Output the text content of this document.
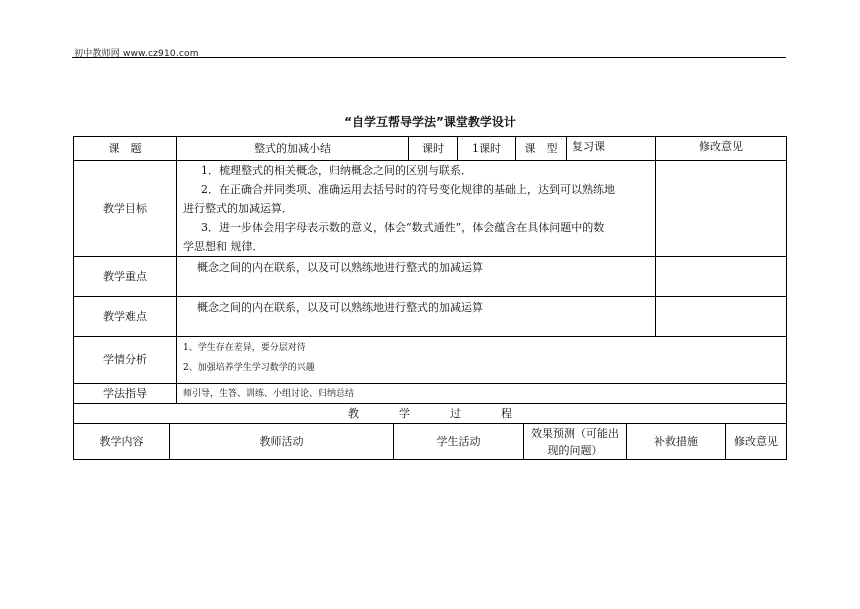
初中教师网 www.cz910.com
“自学互帮导学法”课堂教学设计
课　题	整式的加减小结	课时	1课时	课　型	复习课	修改意见
教学目标	1．梳理整式的相关概念，归纳概念之间的区别与联系．

2．在正确合并同类项、准确运用去括号时的符号变化规律的基础上，达到可以熟练地

进行整式的加减运算．

3．进一步体会用字母表示数的意义，体会“数式通性”，体会蕴含在具体问题中的数

学思想和 规律．					

教学重点	概念之间的内在联系，以及可以熟练地进行整式的加减运算					
教学难点	概念之间的内在联系，以及可以熟练地进行整式的加减运算					
学情分析	1、学生存在差异，要分层对待
2、加强培养学生学习数学的兴趣					

学法指导	师引导，生答、训练、小组讨论、归纳总结					
教	学	过	程
教学内容	教师活动	学生活动	效果预测（可能出现的问题）	补救措施	修改意见
